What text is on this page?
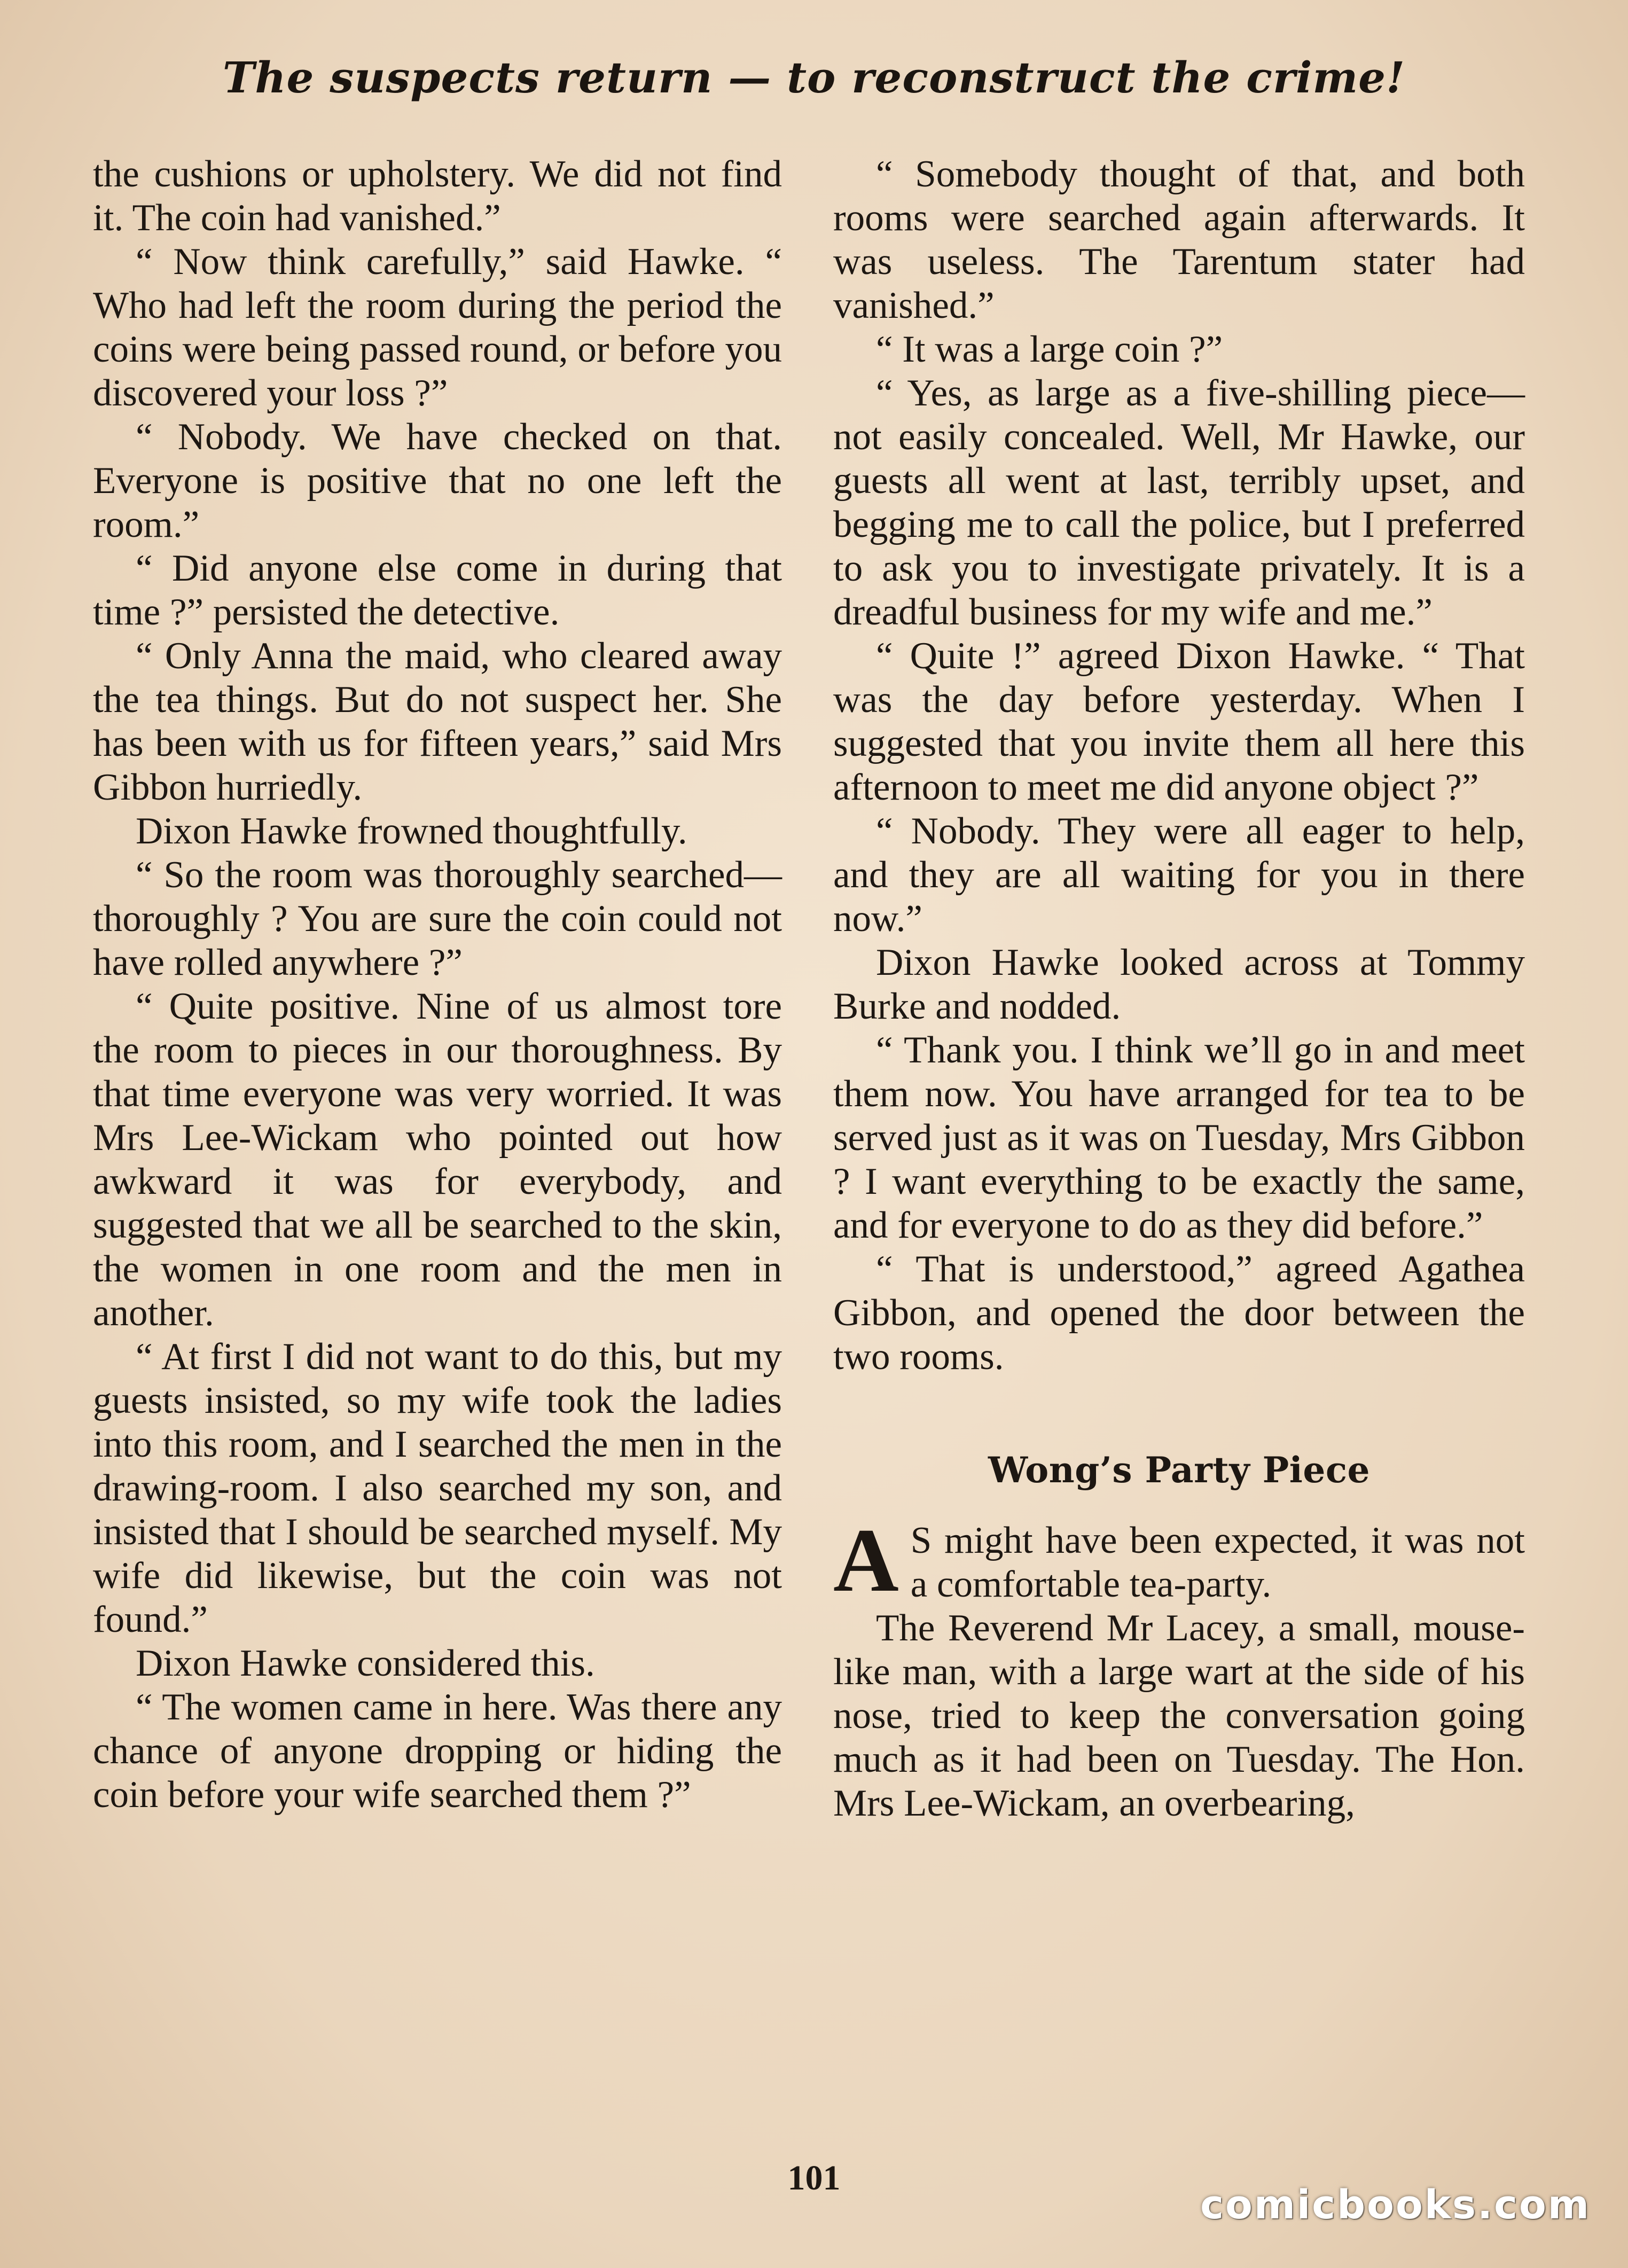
The suspects return — to reconstruct the crime!

the cushions or upholstery. We did not find it. The coin had vanished.”

“ Now think carefully,” said Hawke. “ Who had left the room during the period the coins were being passed round, or before you discovered your loss ?”

“ Nobody. We have checked on that. Everyone is positive that no one left the room.”

“ Did anyone else come in during that time ?” persisted the detective.

“ Only Anna the maid, who cleared away the tea things. But do not suspect her. She has been with us for fifteen years,” said Mrs Gibbon hurriedly.

Dixon Hawke frowned thoughtfully.

“ So the room was thoroughly searched—thoroughly ? You are sure the coin could not have rolled anywhere ?”

“ Quite positive. Nine of us almost tore the room to pieces in our thoroughness. By that time everyone was very worried. It was Mrs Lee-Wickam who pointed out how awkward it was for everybody, and suggested that we all be searched to the skin, the women in one room and the men in another.

“ At first I did not want to do this, but my guests insisted, so my wife took the ladies into this room, and I searched the men in the drawing-room. I also searched my son, and insisted that I should be searched myself. My wife did likewise, but the coin was not found.”

Dixon Hawke considered this.

“ The women came in here. Was there any chance of anyone dropping or hiding the coin before your wife searched them ?”

“ Somebody thought of that, and both rooms were searched again afterwards. It was useless. The Tarentum stater had vanished.”

“ It was a large coin ?”

“ Yes, as large as a five-shilling piece—not easily concealed. Well, Mr Hawke, our guests all went at last, terribly upset, and begging me to call the police, but I preferred to ask you to investigate privately. It is a dreadful business for my wife and me.”

“ Quite !” agreed Dixon Hawke. “ That was the day before yesterday. When I suggested that you invite them all here this afternoon to meet me did anyone object ?”

“ Nobody. They were all eager to help, and they are all waiting for you in there now.”

Dixon Hawke looked across at Tommy Burke and nodded.

“ Thank you. I think we’ll go in and meet them now. You have arranged for tea to be served just as it was on Tuesday, Mrs Gibbon ? I want everything to be exactly the same, and for everyone to do as they did before.”

“ That is understood,” agreed Agathea Gibbon, and opened the door between the two rooms.

Wong’s Party Piece

A S might have been expected, it was not a comfortable tea-party.

The Reverend Mr Lacey, a small, mouse-like man, with a large wart at the side of his nose, tried to keep the conversation going much as it had been on Tuesday. The Hon. Mrs Lee-Wickam, an overbearing,

101
comicbooks.com
